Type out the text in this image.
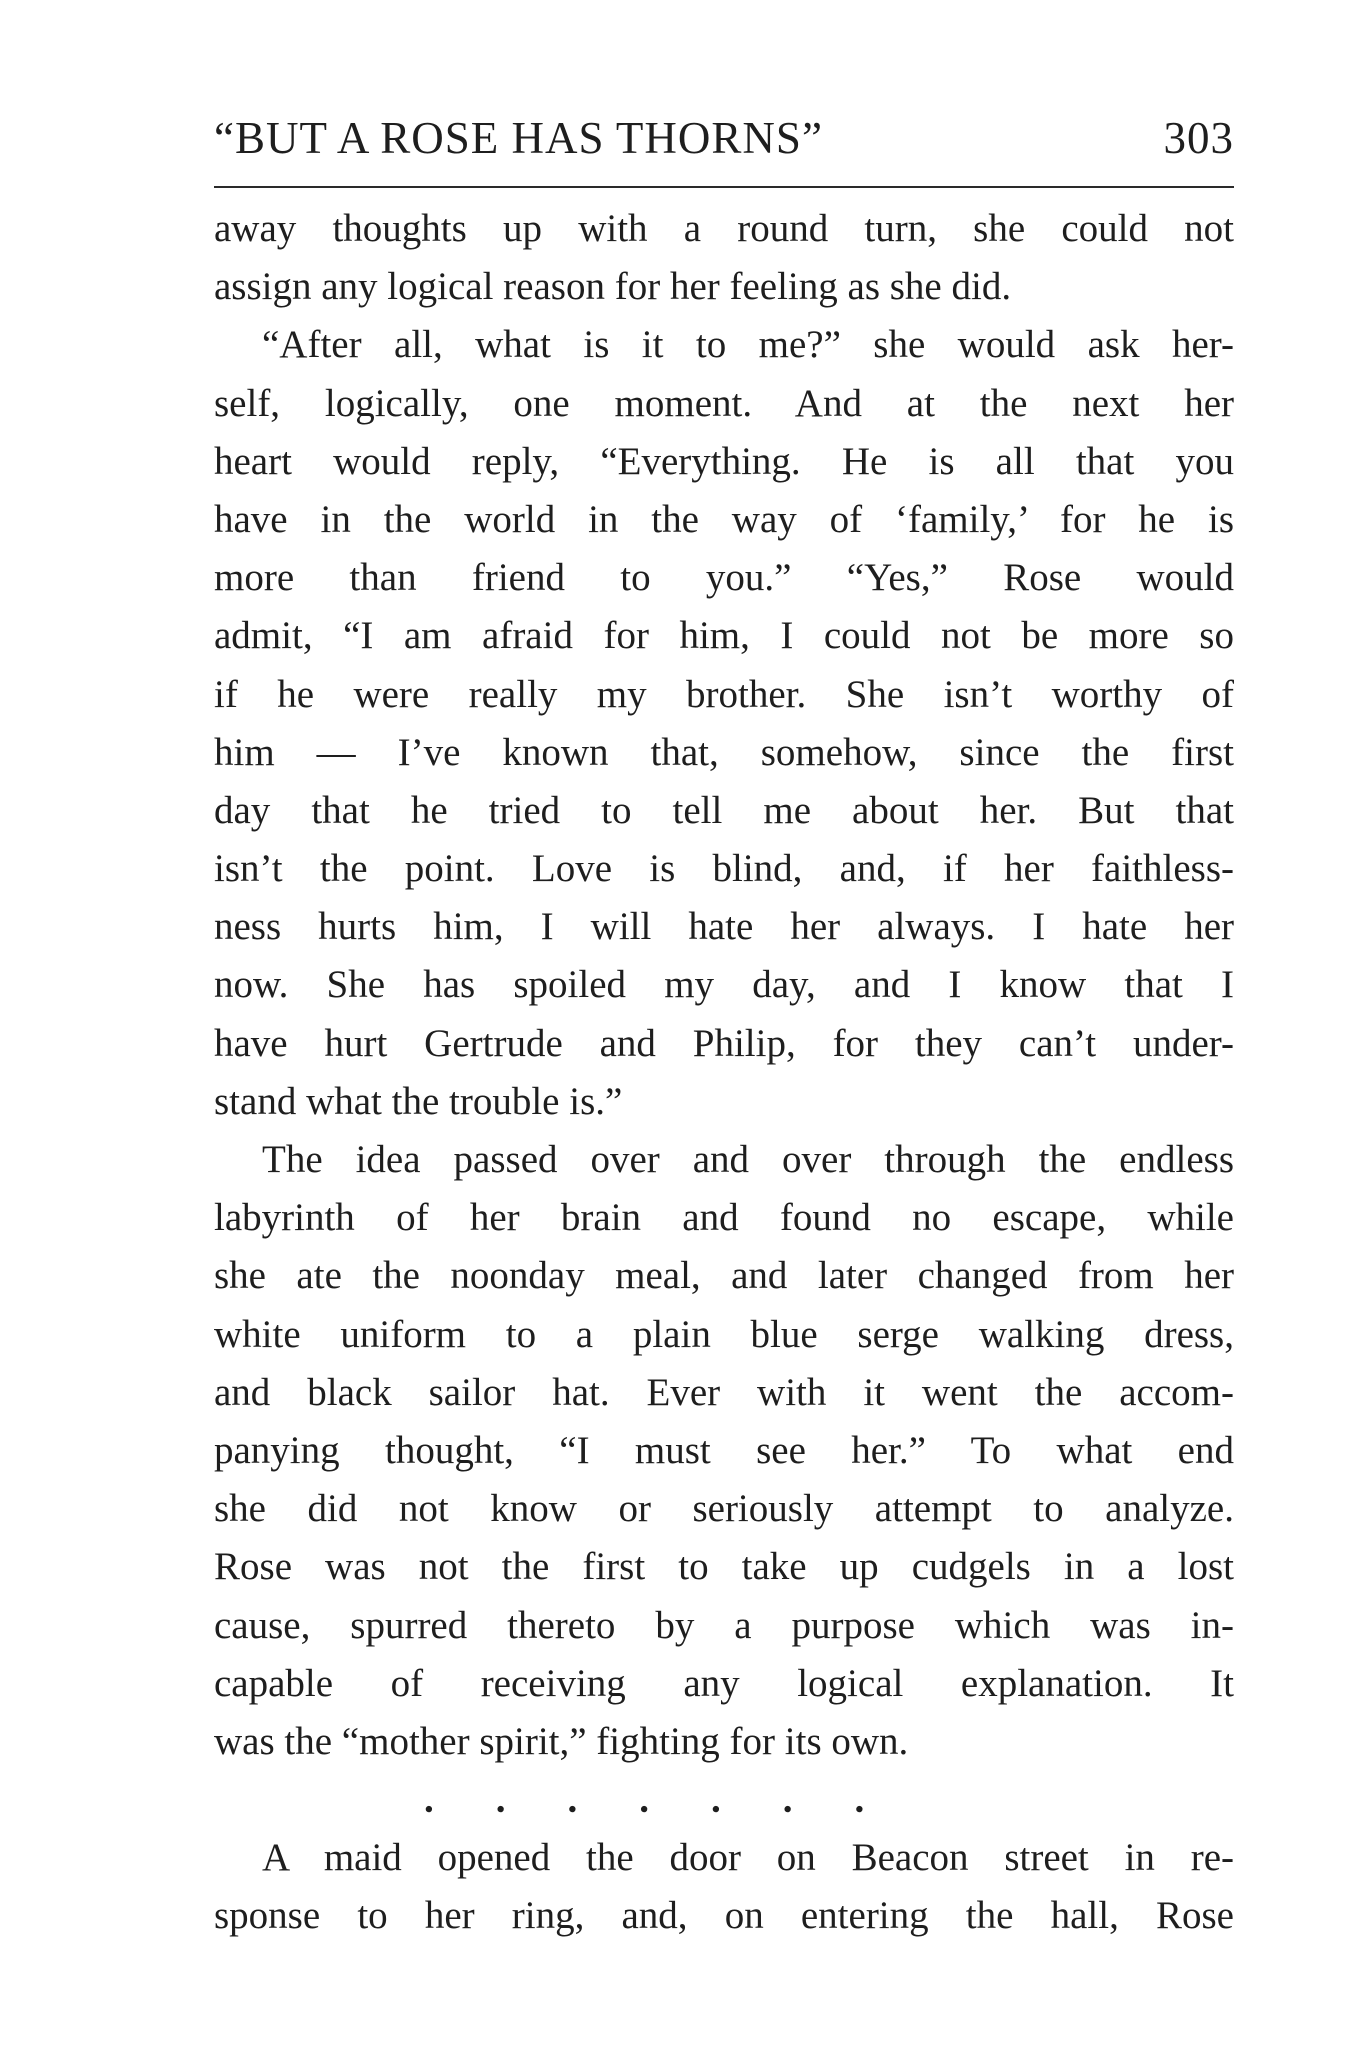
“BUT A ROSE HAS THORNS”	303
away thoughts up with a round turn, she could not
assign any logical reason for her feeling as she did.
“After all, what is it to me?” she would ask her-
self, logically, one moment. And at the next her
heart would reply, “Everything. He is all that you
have in the world in the way of ‘family,’ for he is
more than friend to you.” “Yes,” Rose would
admit, “I am afraid for him, I could not be more so
if he were really my brother. She isn’t worthy of
him — I’ve known that, somehow, since the first
day that he tried to tell me about her. But that
isn’t the point. Love is blind, and, if her faithless-
ness hurts him, I will hate her always. I hate her
now. She has spoiled my day, and I know that I
have hurt Gertrude and Philip, for they can’t under-
stand what the trouble is.”
The idea passed over and over through the endless
labyrinth of her brain and found no escape, while
she ate the noonday meal, and later changed from her
white uniform to a plain blue serge walking dress,
and black sailor hat. Ever with it went the accom-
panying thought, “I must see her.” To what end
she did not know or seriously attempt to analyze.
Rose was not the first to take up cudgels in a lost
cause, spurred thereto by a purpose which was in-
capable of receiving any logical explanation. It
was the “mother spirit,” fighting for its own.
.......
A maid opened the door on Beacon street in re-
sponse to her ring, and, on entering the hall, Rose
